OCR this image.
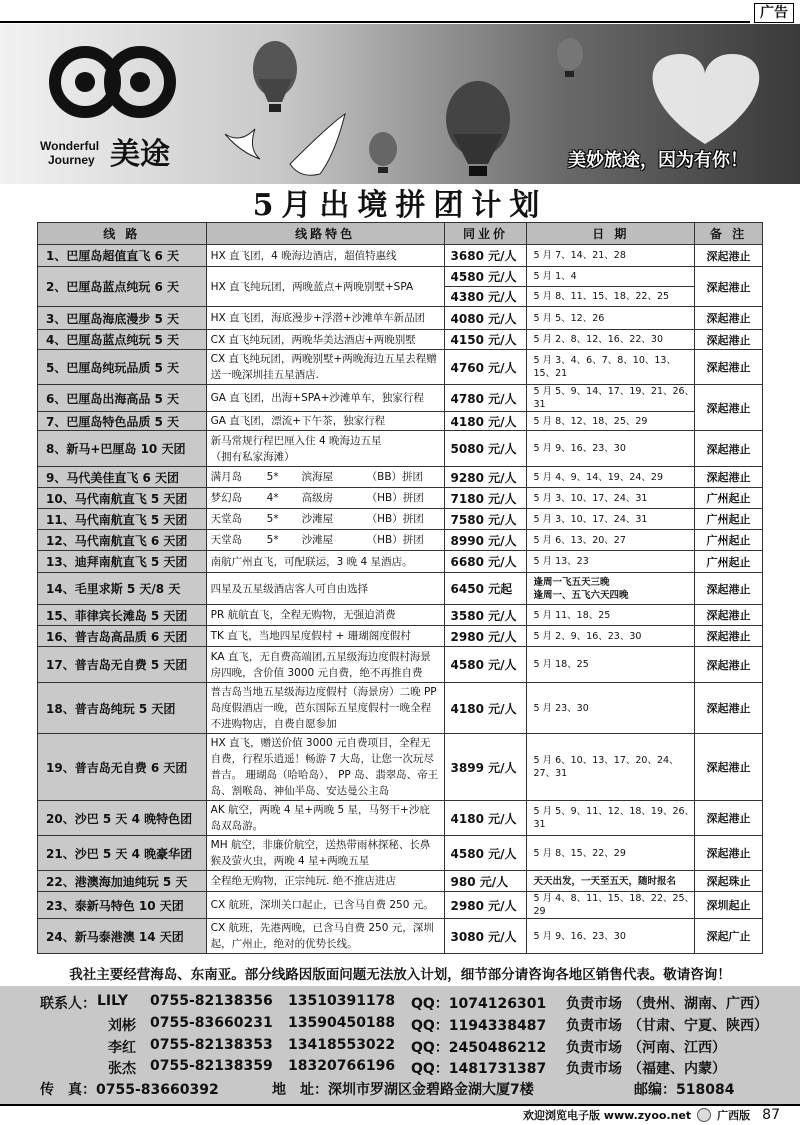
广告
Wonderful
Journey 美途	美妙旅途，因为有你！
5月出境拼团计划
线 路	线路特色	同业价	日 期	备 注
1、巴厘岛超值直飞 6 天	HX 直飞团，4 晚海边酒店，超值特惠线	3680 元/人	5 月 7、14、21、28	深起港止
2、巴厘岛蓝点纯玩 6 天	HX 直飞纯玩团，两晚蓝点+两晚别墅+SPA	4580 元/人	5 月 1、4	深起港止
		4380 元/人	5 月 8、11、15、18、22、25	
3、巴厘岛海底漫步 5 天	HX 直飞团，海底漫步+浮潜+沙滩单车新品团	4080 元/人	5 月 5、12、26	深起港止
4、巴厘岛蓝点纯玩 5 天	CX 直飞纯玩团，两晚华美达酒店+两晚别墅	4150 元/人	5 月 2、8、12、16、22、30	深起港止
5、巴厘岛纯玩品质 5 天	CX 直飞纯玩团，两晚别墅+两晚海边五星去程赠送一晚深圳挂五星酒店.	4760 元/人	5 月 3、4、6、7、8、10、13、15、21	深起港止
6、巴厘岛出海高品 5 天	GA 直飞团，出海+SPA+沙滩单车，独家行程	4780 元/人	5 月 5、9、14、17、19、21、26、31	深起港止
7、巴厘岛特色品质 5 天	GA 直飞团，漂流+下午茶，独家行程	4180 元/人	5 月 8、12、18、25、29	
8、新马+巴厘岛 10 天团	新马常规行程巴厘入住 4 晚海边五星
（拥有私家海滩）	5080 元/人	5 月 9、16、23、30	深起港止
9、马代美佳直飞 6 天团	满月岛 5* 滨海屋 （BB）拼团	9280 元/人	5 月 4、9、14、19、24、29	深起港止
10、马代南航直飞 5 天团	梦幻岛 4* 高级房 （HB）拼团	7180 元/人	5 月 3、10、17、24、31	广州起止
11、马代南航直飞 5 天团	天堂岛 5* 沙滩屋 （HB）拼团	7580 元/人	5 月 3、10、17、24、31	广州起止
12、马代南航直飞 6 天团	天堂岛 5* 沙滩屋 （HB）拼团	8990 元/人	5 月 6、13、20、27	广州起止
13、迪拜南航直飞 5 天团	南航广州直飞，可配联运，3 晚 4 星酒店。	6680 元/人	5 月 13、23	广州起止
14、毛里求斯 5 天/8 天	四星及五星级酒店客人可自由选择	6450 元起	逢周一飞五天三晚
逢周一、五飞六天四晚	深起港止
15、菲律宾长滩岛 5 天团	PR 航航直飞，全程无购物，无强迫消费	3580 元/人	5 月 11、18、25	深起港止
16、普吉岛高品质 6 天团	TK 直飞，当地四星度假村 + 珊瑚阁度假村	2980 元/人	5 月 2、9、16、23、30	深起港止
17、普吉岛无自费 5 天团	KA 直飞，无自费高端团,五星级海边度假村海景房四晚，含价值 3000 元自费，绝不再推自费	4580 元/人	5 月 18、25	深起港止
18、普吉岛纯玩 5 天团	普吉岛当地五星级海边度假村（海景房）二晚 PP 岛度假酒店一晚，芭东国际五星度假村一晚全程不进购物店，自费自愿参加	4180 元/人	5 月 23、30	深起港止
19、普吉岛无自费 6 天团	HX 直飞，赠送价值 3000 元自费项目，全程无自费，行程乐逍遥！畅游 7 大岛，让您一次玩尽普吉。 珊瑚岛（哈哈岛）、 PP 岛、翡翠岛、帝王岛、割喉岛、神仙半岛、安达曼公主岛	3899 元/人	5 月 6、10、13、17、20、24、27、31	深起港止
20、沙巴 5 天 4 晚特色团	AK 航空，两晚 4 星+两晚 5 星，马努干+沙庇岛双岛游。	4180 元/人	5 月 5、9、11、12、18、19、26、31	深起港止
21、沙巴 5 天 4 晚豪华团	MH 航空，非廉价航空，送热带雨林探秘、长鼻猴及萤火虫，两晚 4 星+两晚五星	4580 元/人	5 月 8、15、22、29	深起港止
22、港澳海加迪纯玩 5 天	全程绝无购物，正宗纯玩. 绝不推店进店	980 元/人	天天出发，一天至五天，随时报名	深起珠止
23、泰新马特色 10 天团	CX 航班，深圳关口起止，已含马自费 250 元。	2980 元/人	5 月 4、8、11、15、18、22、25、29	深圳起止
24、新马泰港澳 14 天团	CX 航班，先港两晚，已含马自费 250 元，深圳起，广州止，绝对的优势长线。	3080 元/人	5 月 9、16、23、30	深起广止
我社主要经营海岛、东南亚。部分线路因版面问题无法放入计划，细节部分请咨询各地区销售代表。敬请咨询！
联系人： LILY 0755-82138356 13510391178 QQ：1074126301 负责市场 （贵州、湖南、广西）
刘彬 0755-83660231 13590450188 QQ：1194338487 负责市场 （甘肃、宁夏、陕西）
李红 0755-82138353 13418553022 QQ：2450486212 负责市场 （河南、江西）
张杰 0755-82138359 18320766196 QQ：1481731387 负责市场 （福建、内蒙）
传　真：0755-83660392	地　址：深圳市罗湖区金碧路金湖大厦7楼	邮编：518084
欢迎浏览电子版 www.zyoo.net 广西版 87
